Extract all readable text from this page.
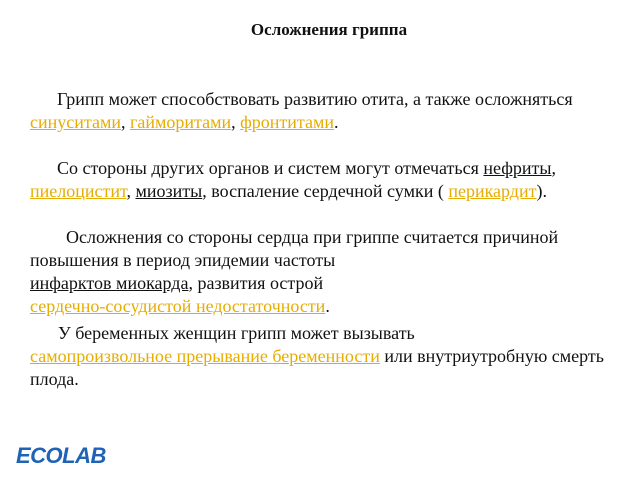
Осложнения гриппа

Грипп может способствовать развитию отита, а также осложняться синуситами, гайморитами, фронтитами.

Со стороны других органов и систем могут отмечаться нефриты, пиелоцистит, миозиты, воспаление сердечной сумки ( перикардит).

Осложнения со стороны сердца при гриппе считается причиной повышения в период эпидемии частоты
инфарктов миокарда, развития острой
сердечно-сосудистой недостаточности.

У беременных женщин грипп может вызывать
самопроизвольное прерывание беременности или внутриутробную смерть плода.

ECOLAB
